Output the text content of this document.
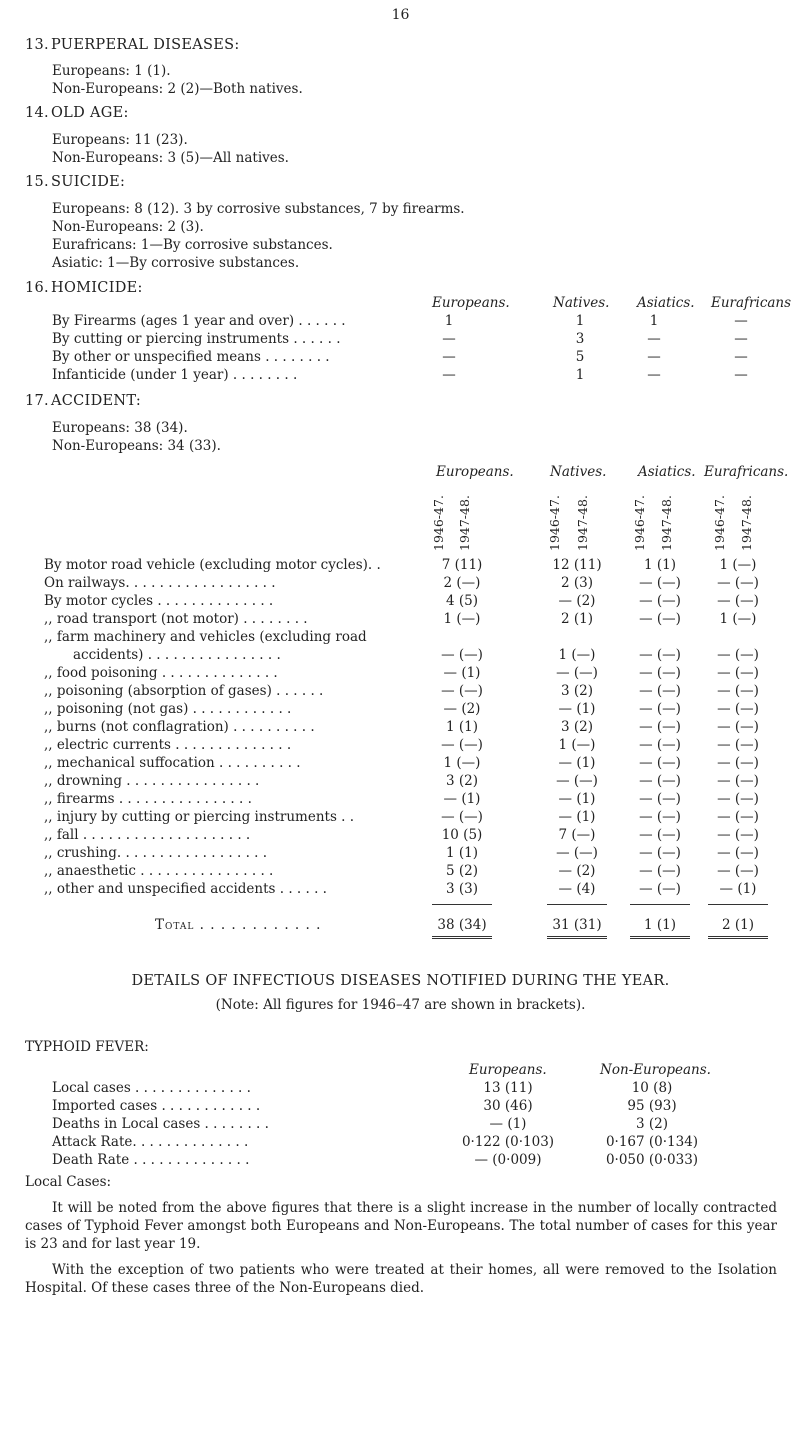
16
13. PUERPERAL DISEASES:
Europeans: 1 (1).
Non-Europeans: 2 (2)—Both natives.
14. OLD AGE:
Europeans: 11 (23).
Non-Europeans: 3 (5)—All natives.
15. SUICIDE:
Europeans: 8 (12). 3 by corrosive substances, 7 by firearms.
Non-Europeans: 2 (3).
Eurafricans: 1—By corrosive substances.
Asiatic: 1—By corrosive substances.
16. HOMICIDE:
Europeans.	Natives. Asiatics. Eurafricans
By Firearms (ages 1 year and over) . . . . . .	1	1	1	—
By cutting or piercing instruments . . . . . .	—	3	—	—
By other or unspecified means . . . . . . . .	—	5	—	—
Infanticide (under 1 year) . . . . . . . .	—	1	—	—
17. ACCIDENT:
Europeans: 38 (34).
Non-Europeans: 34 (33).
Europeans.	Natives. Asiatics. Eurafricans.
1946-47. 1947-48.	1946-47. 1947-48.	1946-47. 1947-48.	1946-47. 1947-48.
By motor road vehicle (excluding motor cycles). .	7 (11)	12 (11)	1 (1)	1 (—)
On railways. . . . . . . . . . . . . . . . . .	2 (—)	2 (3)	— (—)	— (—)
By motor cycles . . . . . . . . . . . . . .	4 (5)	— (2)	— (—)	— (—)
,, road transport (not motor) . . . . . . . .	1 (—)	2 (1)	— (—)	1 (—)
,, farm machinery and vehicles (excluding road
accidents) . . . . . . . . . . . . . . . .	— (—)	1 (—)	— (—)	— (—)
,, food poisoning . . . . . . . . . . . . . .	— (1)	— (—)	— (—)	— (—)
,, poisoning (absorption of gases) . . . . . .	— (—)	3 (2)	— (—)	— (—)
,, poisoning (not gas) . . . . . . . . . . . .	— (2)	— (1)	— (—)	— (—)
,, burns (not conflagration) . . . . . . . . . .	1 (1)	3 (2)	— (—)	— (—)
,, electric currents . . . . . . . . . . . . . .	— (—)	1 (—)	— (—)	— (—)
,, mechanical suffocation . . . . . . . . . .	1 (—)	— (1)	— (—)	— (—)
,, drowning . . . . . . . . . . . . . . . .	3 (2)	— (—)	— (—)	— (—)
,, firearms . . . . . . . . . . . . . . . .	— (1)	— (1)	— (—)	— (—)
,, injury by cutting or piercing instruments . .	— (—)	— (1)	— (—)	— (—)
,, fall . . . . . . . . . . . . . . . . . . . .	10 (5)	7 (—)	— (—)	— (—)
,, crushing. . . . . . . . . . . . . . . . . .	1 (1)	— (—)	— (—)	— (—)
,, anaesthetic . . . . . . . . . . . . . . . .	5 (2)	— (2)	— (—)	— (—)
,, other and unspecified accidents . . . . . .	3 (3)	— (4)	— (—)	— (1)
Total . . . . . . . . . . . .	38 (34)	31 (31)	1 (1)	2 (1)
DETAILS OF INFECTIOUS DISEASES NOTIFIED DURING THE YEAR.
(Note: All figures for 1946–47 are shown in brackets).
TYPHOID FEVER:
Europeans.	Non-Europeans.
Local cases . . . . . . . . . . . . . .	13 (11)	10 (8)
Imported cases . . . . . . . . . . . .	30 (46)	95 (93)
Deaths in Local cases . . . . . . . .	— (1)	3 (2)
Attack Rate. . . . . . . . . . . . . .	0·122 (0·103)	0·167 (0·134)
Death Rate . . . . . . . . . . . . . .	— (0·009)	0·050 (0·033)
Local Cases:
It will be noted from the above figures that there is a slight increase in the number of locally contracted cases of Typhoid Fever amongst both Europeans and Non-Europeans. The total number of cases for this year is 23 and for last year 19.
With the exception of two patients who were treated at their homes, all were removed to the Isolation Hospital. Of these cases three of the Non-Europeans died.
